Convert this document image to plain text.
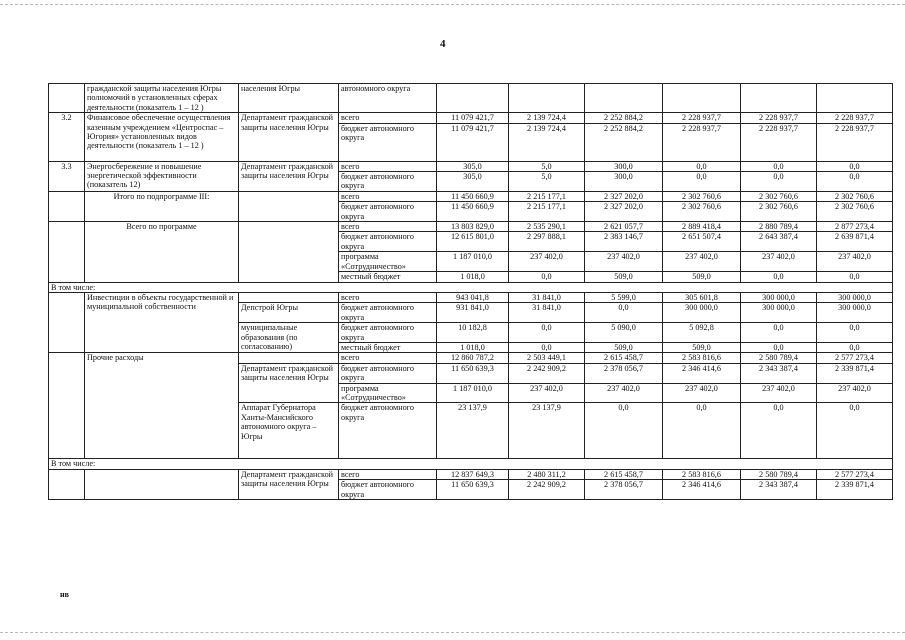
4
	гражданской защиты населения Югры полномочий в установленных сферах деятельности (показатель 1 – 12 )	населения Югры	автономного округа						
3.2	Финансовое обеспечение осуществления казенным учреждением «Центроспас – Югория» установленных видов деятельности (показатель 1 – 12 )	Департамент гражданской защиты населения Югры	всего	11 079 421,7	2 139 724,4	2 252 884,2	2 228 937,7	2 228 937,7	2 228 937,7
			бюджет автономного округа	11 079 421,7	2 139 724,4	2 252 884,2	2 228 937,7	2 228 937,7	2 228 937,7
3.3	Энергосбережение и повышение энергетической эффективности (показатель 12)	Департамент гражданской защиты населения Югры	всего	305,0	5,0	300,0	0,0	0,0	0,0
			бюджет автономного округа	305,0	5,0	300,0	0,0	0,0	0,0
	Итого по подпрограмме III:		всего	11 450 660,9	2 215 177,1	2 327 202,0	2 302 760,6	2 302 760,6	2 302 760,6
			бюджет автономного округа	11 450 660,9	2 215 177,1	2 327 202,0	2 302 760,6	2 302 760,6	2 302 760,6
	Всего по программе		всего	13 803 829,0	2 535 290,1	2 621 057,7	2 889 418,4	2 880 789,4	2 877 273,4
			бюджет автономного округа	12 615 801,0	2 297 888,1	2 383 146,7	2 651 507,4	2 643 387,4	2 639 871,4
			программа «Сотрудничество»	1 187 010,0	237 402,0	237 402,0	237 402,0	237 402,0	237 402,0
			местный бюджет	1 018,0	0,0	509,0	509,0	0,0	0,0
В том числе:									
	Инвестиции в объекты государственной и муниципальной собственности		всего	943 041,8	31 841,0	5 599,0	305 601,8	300 000,0	300 000,0
		Депстрой Югры	бюджет автономного округа	931 841,0	31 841,0	0,0	300 000,0	300 000,0	300 000,0
		муниципальные образования (по согласованию)	бюджет автономного округа	10 182,8	0,0	5 090,0	5 092,8	0,0	0,0
			местный бюджет	1 018,0	0,0	509,0	509,0	0,0	0,0

	Прочие расходы		всего	12 860 787,2	2 503 449,1	2 615 458,7	2 583 816,6	2 580 789,4	2 577 273,4
		Департамент гражданской защиты населения Югры	бюджет автономного округа	11 650 639,3	2 242 909,2	2 378 056,7	2 346 414,6	2 343 387,4	2 339 871,4
			программа «Сотрудничество»	1 187 010,0	237 402,0	237 402,0	237 402,0	237 402,0	237 402,0
		Аппарат Губернатора Ханты-Мансийского автономного округа – Югры	бюджет автономного округа	23 137,9	23 137,9	0,0	0,0	0,0	0,0
В том числе:									
		Департамент гражданской защиты населения Югры	всего	12 837 649,3	2 480 311,2	2 615 458,7	2 583 816,6	2 580 789,4	2 577 273,4
			бюджет автономного округа	11 650 639,3	2 242 909,2	2 378 056,7	2 346 414,6	2 343 387,4	2 339 871,4
нв
